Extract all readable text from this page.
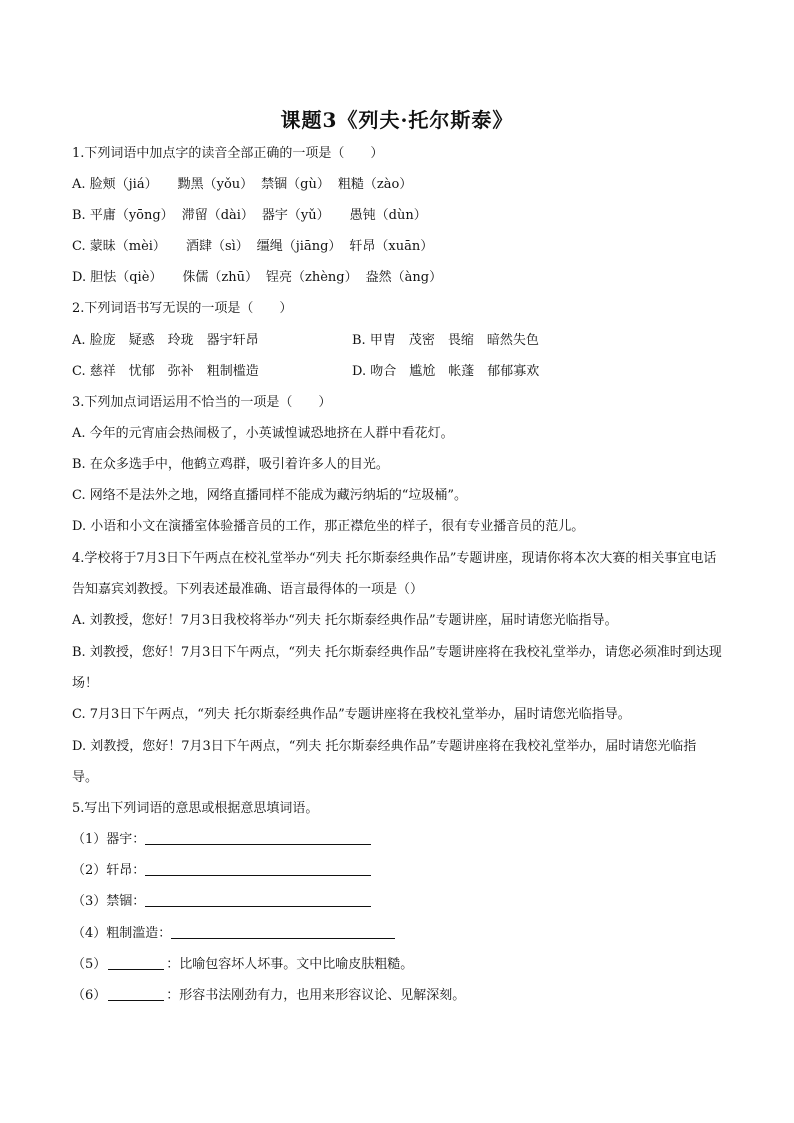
课题3《列夫·托尔斯泰》
1.下列词语中加点字的读音全部正确的一项是（　　）
A. 脸颊（jiá） 黝黑（yǒu） 禁锢（gù） 粗糙（zào）
B. 平庸（yōng） 滞留（dài） 器宇（yǔ） 愚钝（dùn）
C. 蒙昧（mèi） 酒肆（sì） 缰绳（jiāng） 轩昂（xuān）
D. 胆怯（qiè） 侏儒（zhū） 锃亮（zhèng） 盎然（àng）
2.下列词语书写无误的一项是（　　）
A. 脸庞　疑惑　玲珑　器宇轩昂	B. 甲胄　茂密　畏缩　暗然失色
C. 慈祥　忧郁　弥补　粗制槛造	D. 吻合　尴尬　帐蓬　郁郁寡欢
3.下列加点词语运用不恰当的一项是（　　）
A. 今年的元宵庙会热闹极了，小英诚惶诚恐地挤在人群中看花灯。
B. 在众多选手中，他鹤立鸡群，吸引着许多人的目光。
C. 网络不是法外之地，网络直播同样不能成为藏污纳垢的“垃圾桶”。
D. 小语和小文在演播室体验播音员的工作，那正襟危坐的样子，很有专业播音员的范儿。
4.学校将于7月3日下午两点在校礼堂举办“列夫 托尔斯泰经典作品”专题讲座，现请你将本次大赛的相关事宜电话告知嘉宾刘教授。下列表述最准确、语言最得体的一项是（）
A. 刘教授，您好！7月3日我校将举办“列夫 托尔斯泰经典作品”专题讲座，届时请您光临指导。
B. 刘教授，您好！7月3日下午两点，“列夫 托尔斯泰经典作品”专题讲座将在我校礼堂举办，请您必须准时到达现场！
C. 7月3日下午两点，“列夫 托尔斯泰经典作品”专题讲座将在我校礼堂举办，届时请您光临指导。
D. 刘教授，您好！7月3日下午两点，“列夫 托尔斯泰经典作品”专题讲座将在我校礼堂举办，届时请您光临指导。
5.写出下列词语的意思或根据意思填词语。
（1）器宇：
（2）轩昂：
（3）禁锢：
（4）粗制滥造：
（5）	：比喻包容坏人坏事。文中比喻皮肤粗糙。
（6）	：形容书法刚劲有力，也用来形容议论、见解深刻。
